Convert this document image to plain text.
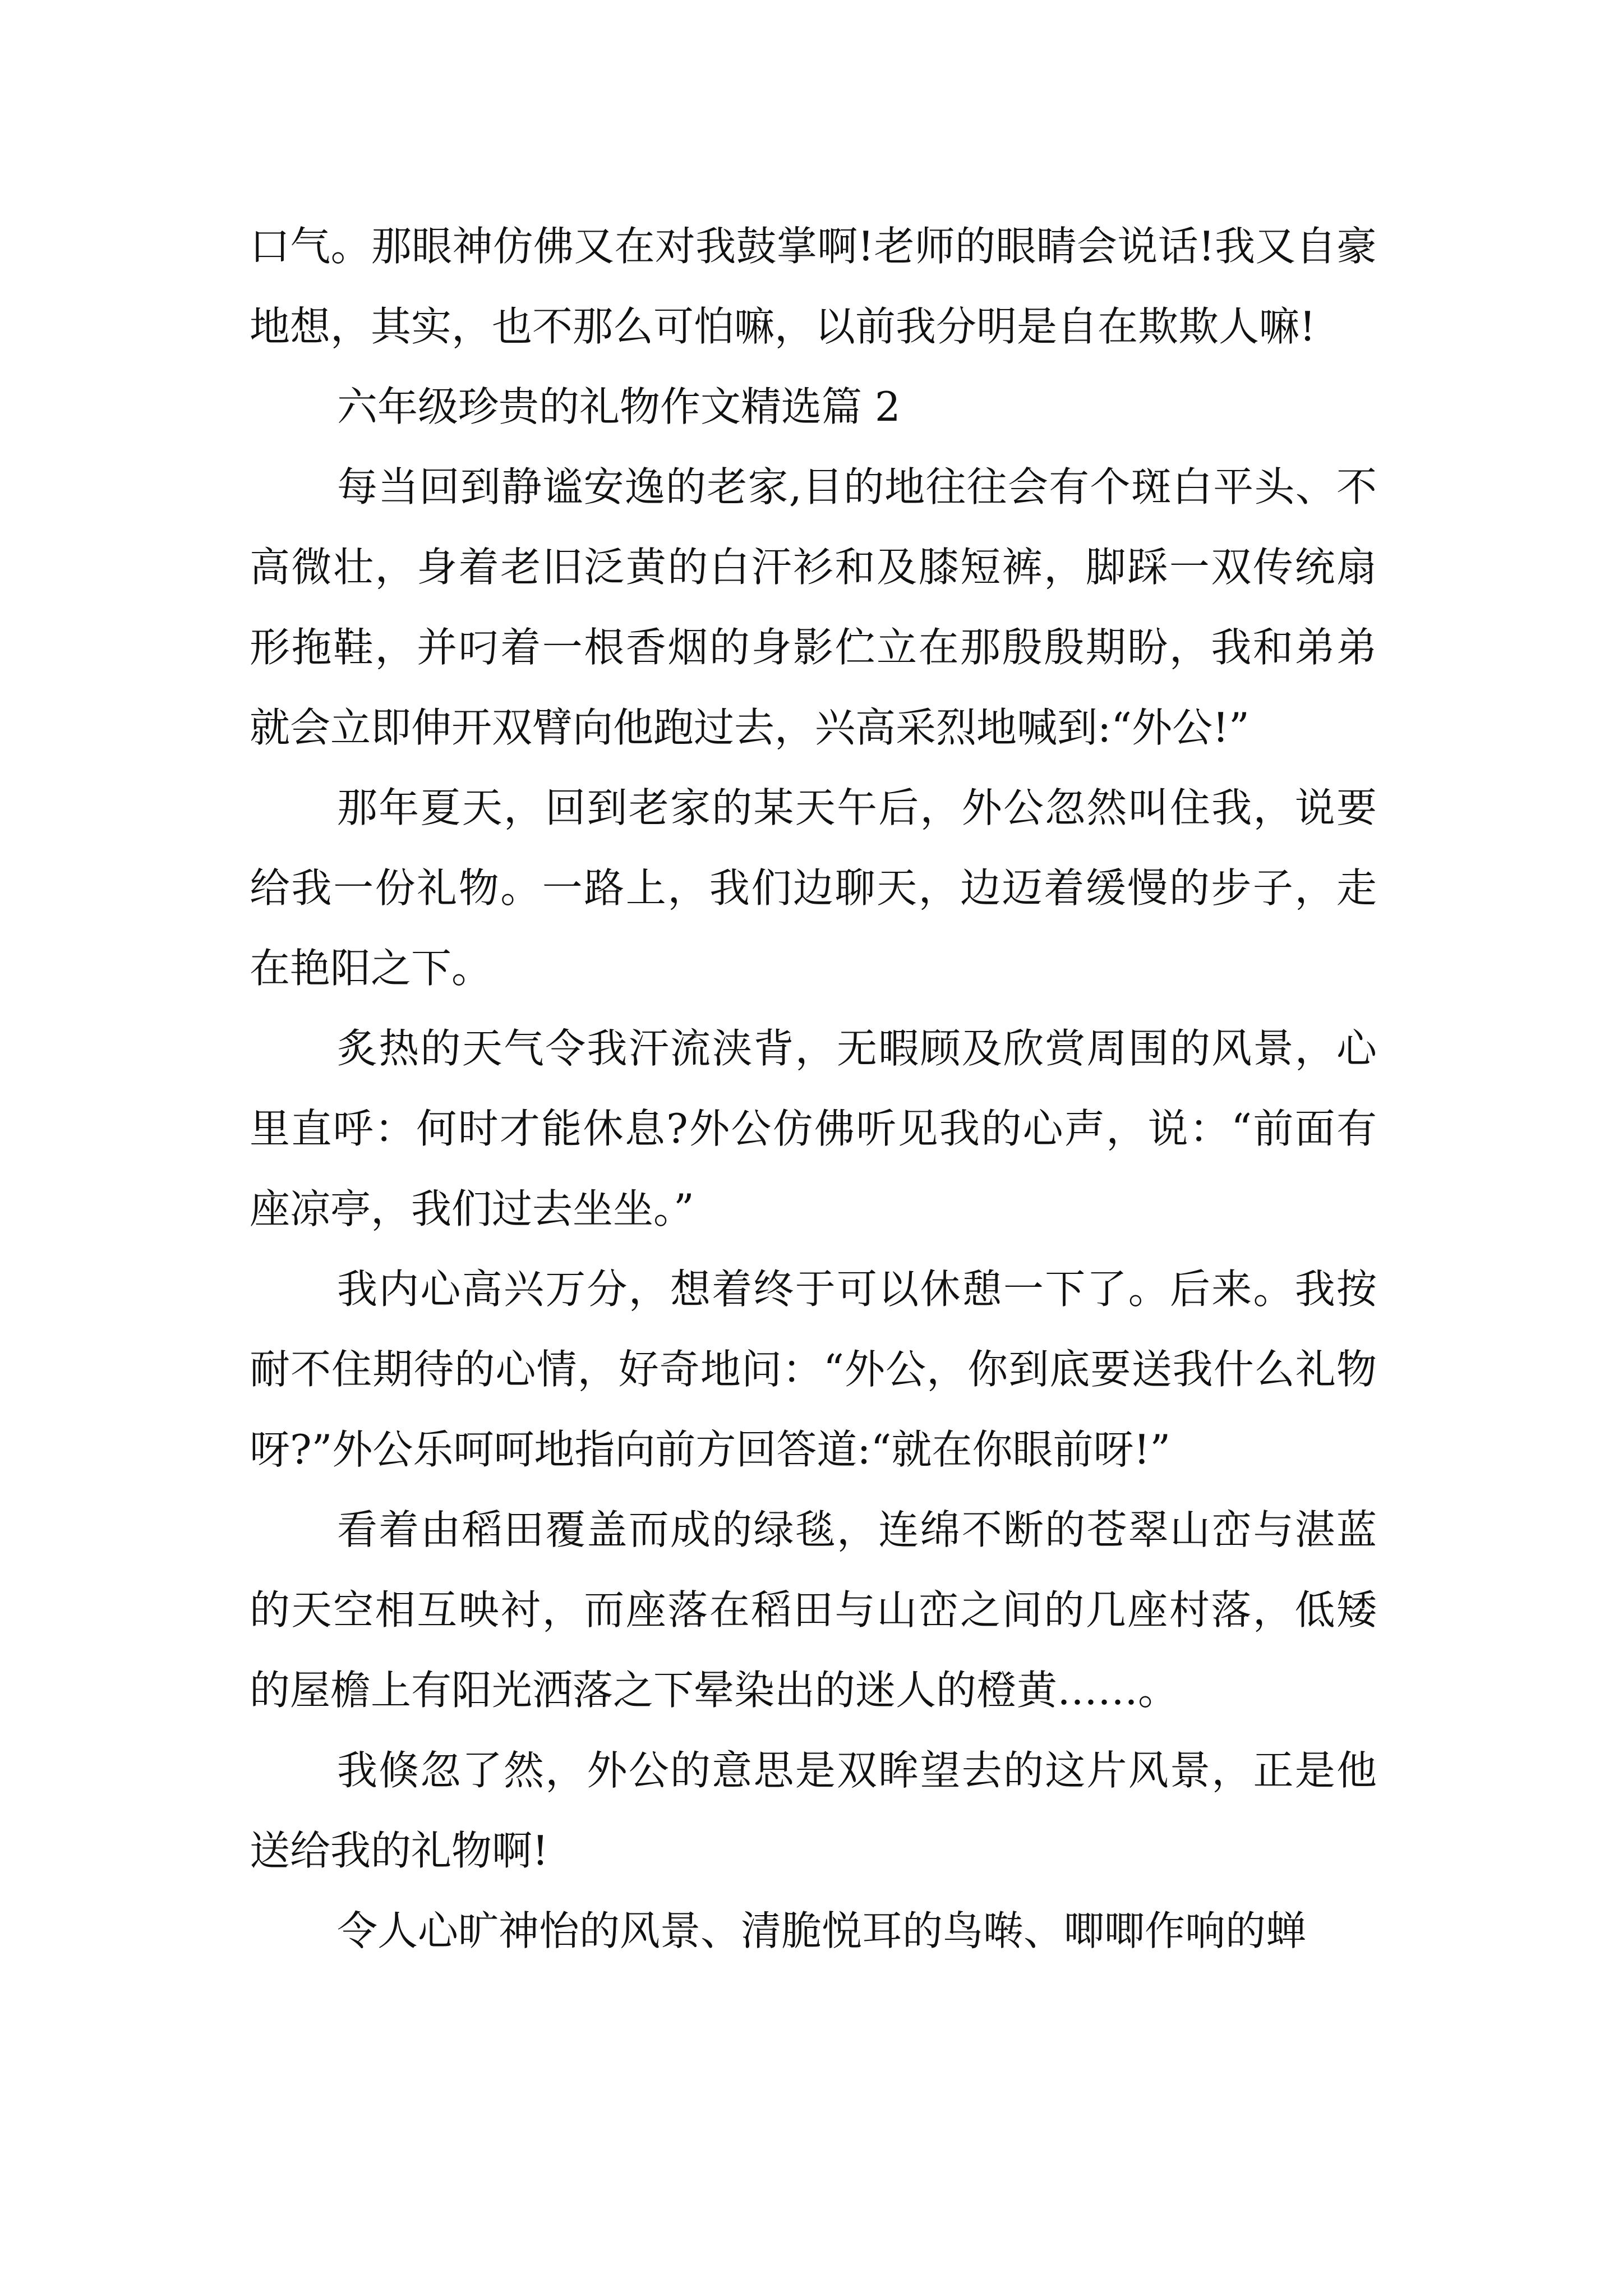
口气。那眼神仿佛又在对我鼓掌啊!老师的眼睛会说话!我又自豪地想，其实，也不那么可怕嘛，以前我分明是自在欺欺人嘛!

六年级珍贵的礼物作文精选篇 2

每当回到静谧安逸的老家,目的地往往会有个斑白平头、不高微壮，身着老旧泛黄的白汗衫和及膝短裤，脚踩一双传统扇形拖鞋，并叼着一根香烟的身影伫立在那殷殷期盼，我和弟弟就会立即伸开双臂向他跑过去，兴高采烈地喊到:“外公!”

那年夏天，回到老家的某天午后，外公忽然叫住我，说要给我一份礼物。一路上，我们边聊天，边迈着缓慢的步子，走在艳阳之下。

炙热的天气令我汗流浃背，无暇顾及欣赏周围的风景，心里直呼：何时才能休息?外公仿佛听见我的心声，说：“前面有座凉亭，我们过去坐坐。”

我内心高兴万分，想着终于可以休憩一下了。后来。我按耐不住期待的心情，好奇地问：“外公，你到底要送我什么礼物呀?”外公乐呵呵地指向前方回答道:“就在你眼前呀!”

看着由稻田覆盖而成的绿毯，连绵不断的苍翠山峦与湛蓝的天空相互映衬，而座落在稻田与山峦之间的几座村落，低矮的屋檐上有阳光洒落之下晕染出的迷人的橙黄……。

我倏忽了然，外公的意思是双眸望去的这片风景，正是他送给我的礼物啊!

令人心旷神怡的风景、清脆悦耳的鸟啭、唧唧作响的蝉
